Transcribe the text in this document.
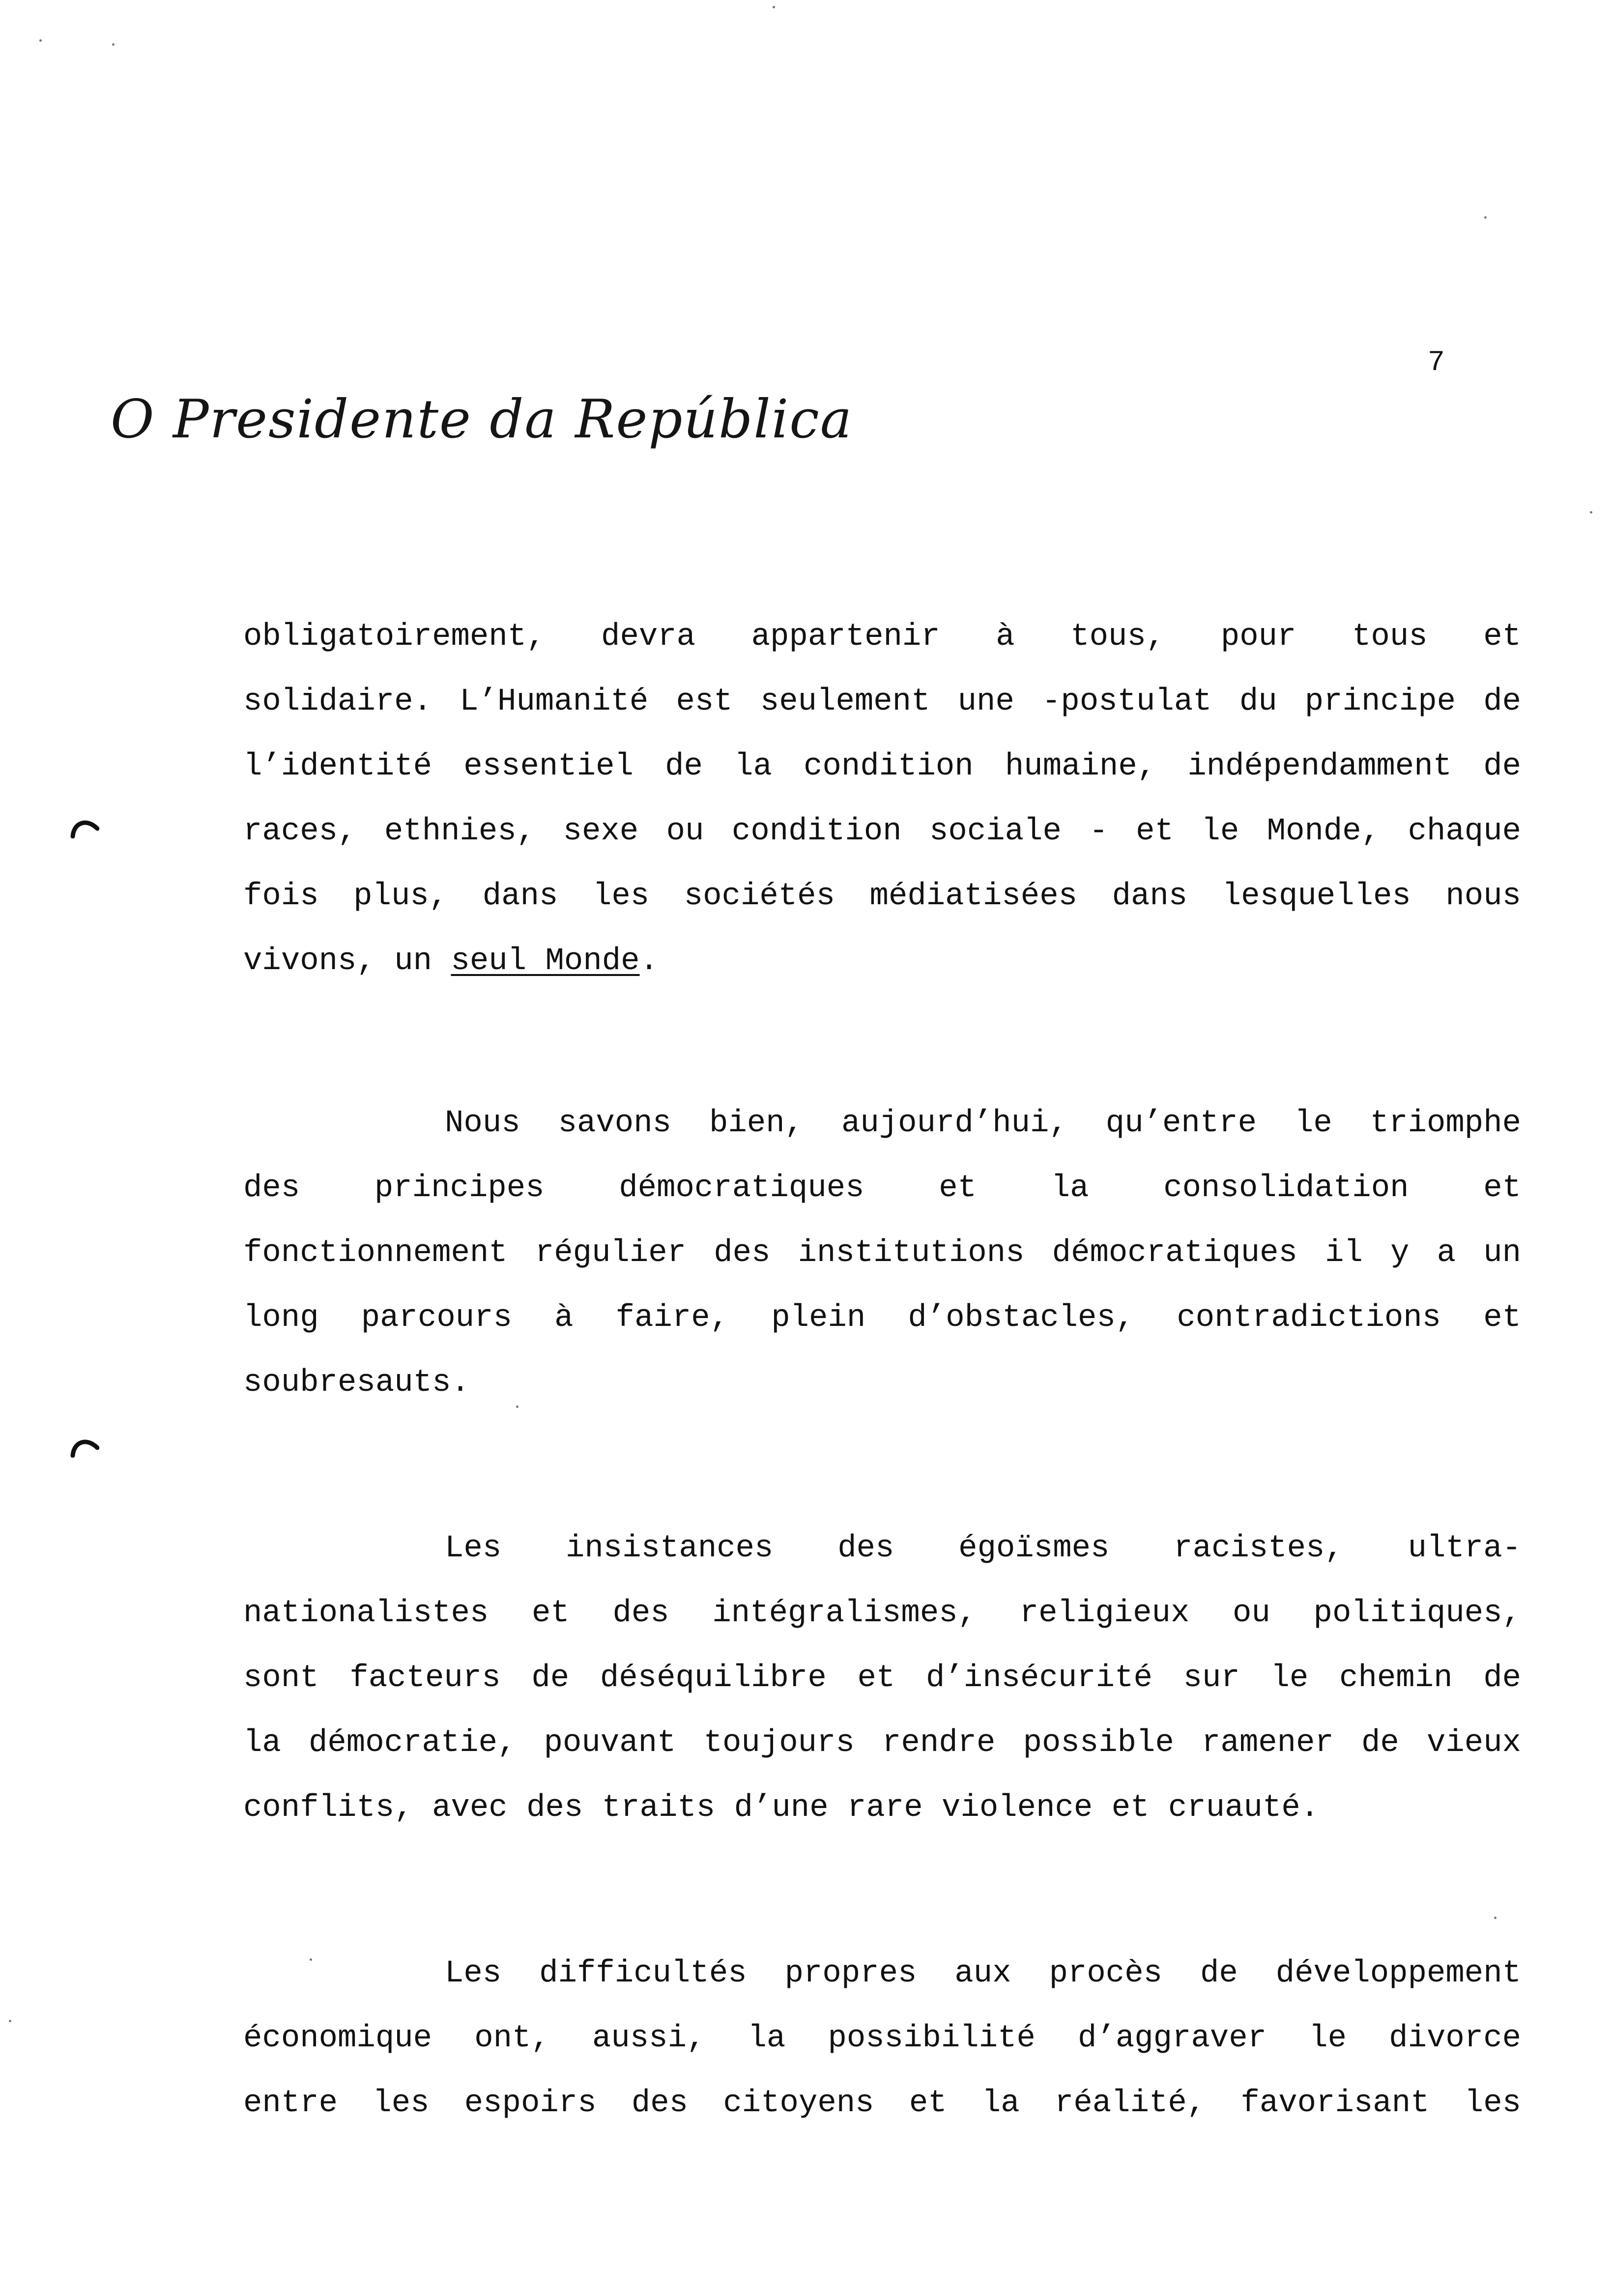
7
O Presidente da República
obligatoirement, devra appartenir à tous, pour tous et
solidaire. L’Humanité est seulement une -postulat du principe de
l’identité essentiel de la condition humaine, indépendamment de
races, ethnies, sexe ou condition sociale - et le Monde, chaque
fois plus, dans les sociétés médiatisées dans lesquelles nous
vivons, un seul Monde.
Nous savons bien, aujourd’hui, qu’entre le triomphe
des principes démocratiques et la consolidation et
fonctionnement régulier des institutions démocratiques il y a un
long parcours à faire, plein d’obstacles, contradictions et
soubresauts.
Les insistances des égoïsmes racistes, ultra-
nationalistes et des intégralismes, religieux ou politiques,
sont facteurs de déséquilibre et d’insécurité sur le chemin de
la démocratie, pouvant toujours rendre possible ramener de vieux
conflits, avec des traits d’une rare violence et cruauté.
Les difficultés propres aux procès de développement
économique ont, aussi, la possibilité d’aggraver le divorce
entre les espoirs des citoyens et la réalité, favorisant les
